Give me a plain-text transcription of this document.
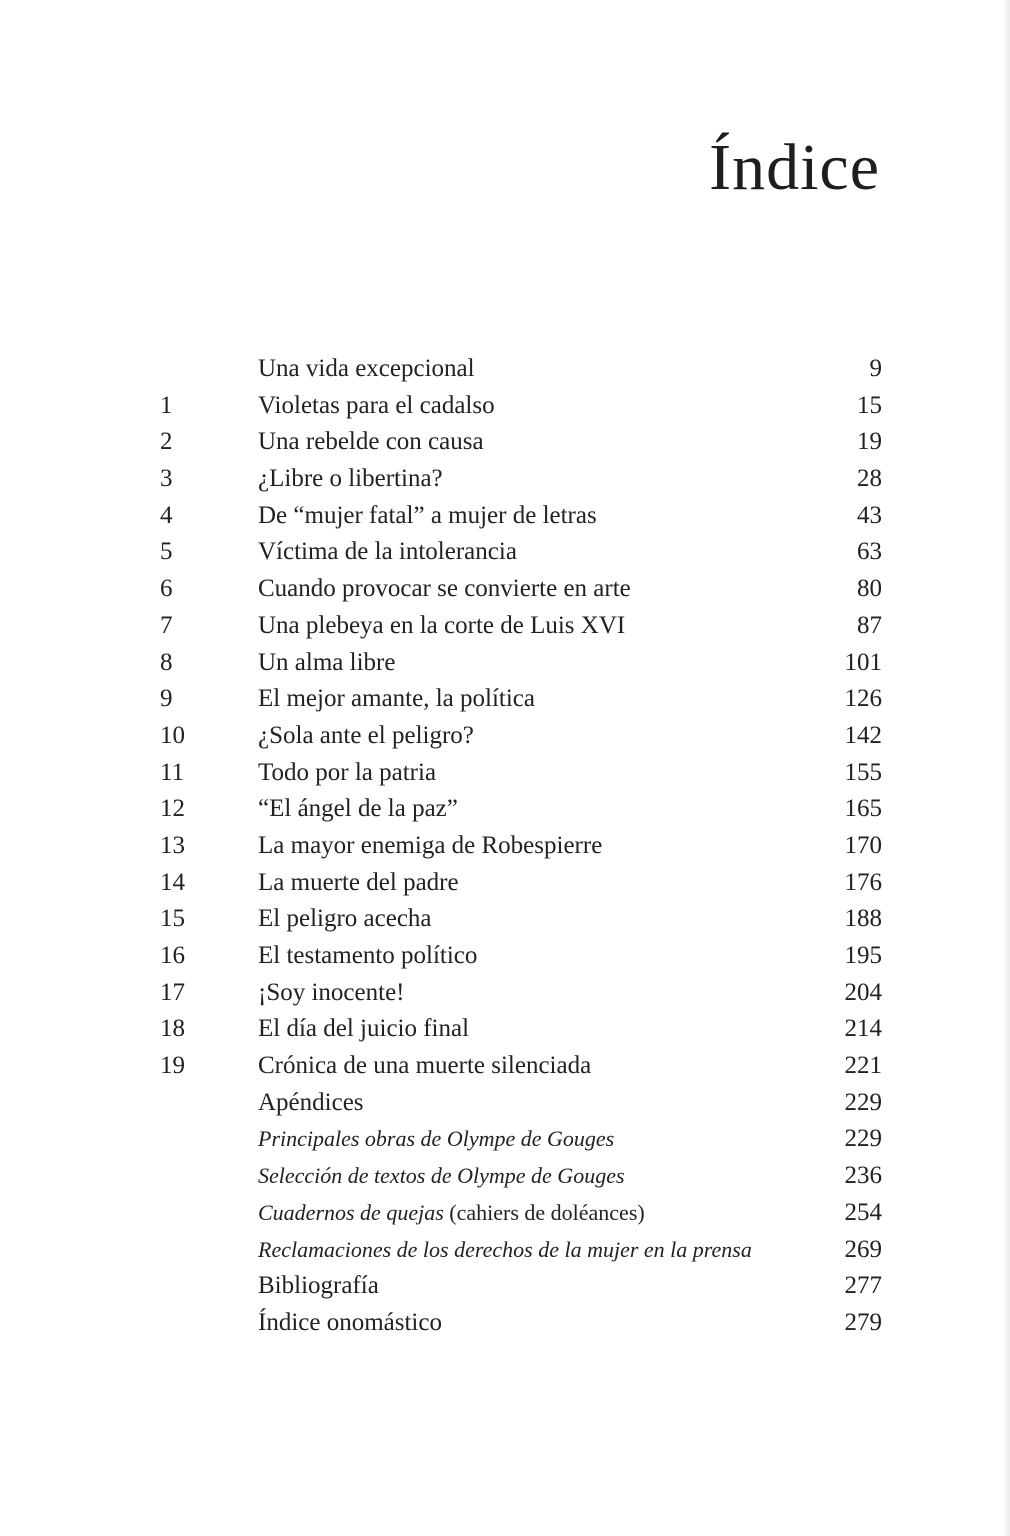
Índice
Una vida excepcional	9
1	Violetas para el cadalso	15
2	Una rebelde con causa	19
3	¿Libre o libertina?	28
4	De “mujer fatal” a mujer de letras	43
5	Víctima de la intolerancia	63
6	Cuando provocar se convierte en arte	80
7	Una plebeya en la corte de Luis XVI	87
8	Un alma libre	101
9	El mejor amante, la política	126
10	¿Sola ante el peligro?	142
11	Todo por la patria	155
12	“El ángel de la paz”	165
13	La mayor enemiga de Robespierre	170
14	La muerte del padre	176
15	El peligro acecha	188
16	El testamento político	195
17	¡Soy inocente!	204
18	El día del juicio final	214
19	Crónica de una muerte silenciada	221
Apéndices	229
Principales obras de Olympe de Gouges	229
Selección de textos de Olympe de Gouges	236
Cuadernos de quejas (cahiers de doléances)	254
Reclamaciones de los derechos de la mujer en la prensa	269
Bibliografía	277
Índice onomástico	279
